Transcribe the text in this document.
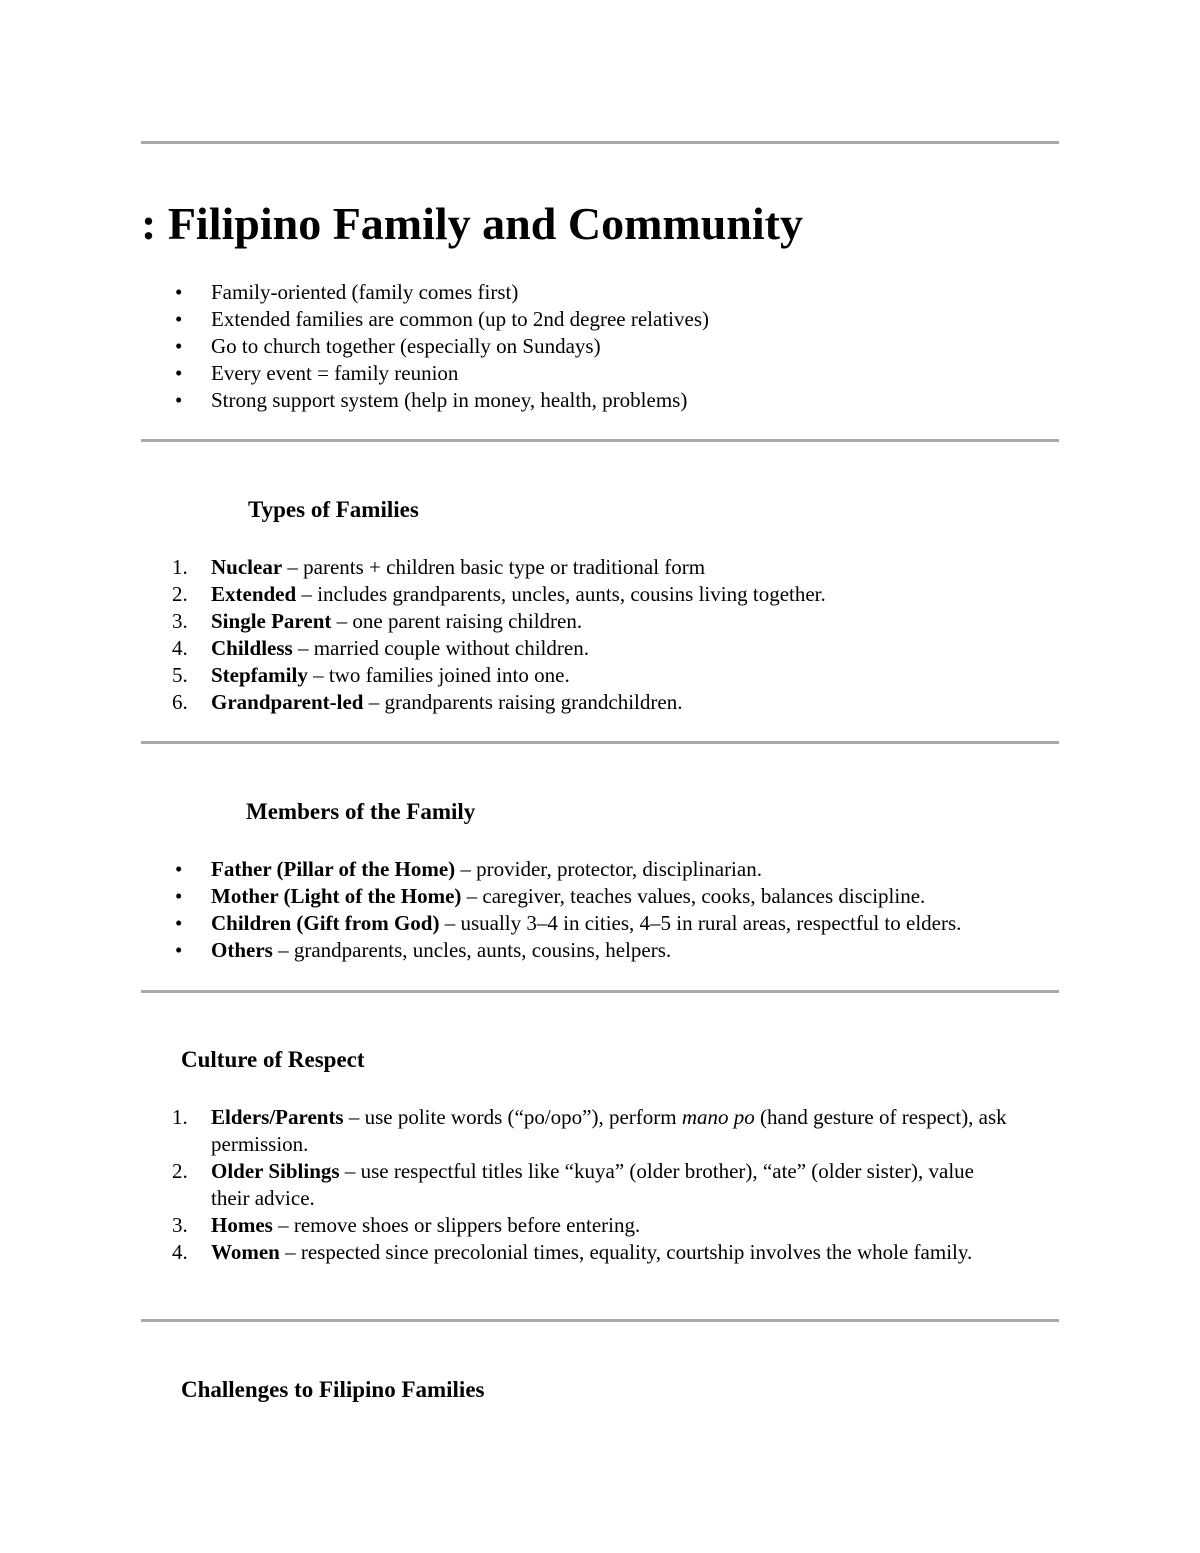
: Filipino Family and Community
• Family-oriented (family comes first)
• Extended families are common (up to 2nd degree relatives)
• Go to church together (especially on Sundays)
• Every event = family reunion
• Strong support system (help in money, health, problems)
Types of Families
1.	Nuclear – parents + children basic type or traditional form
2.	Extended – includes grandparents, uncles, aunts, cousins living together.
3.	Single Parent – one parent raising children.
4.	Childless – married couple without children.
5.	Stepfamily – two families joined into one.
6.	Grandparent-led – grandparents raising grandchildren.
Members of the Family
• Father (Pillar of the Home) – provider, protector, disciplinarian.
• Mother (Light of the Home) – caregiver, teaches values, cooks, balances discipline.
• Children (Gift from God) – usually 3–4 in cities, 4–5 in rural areas, respectful to elders.
• Others – grandparents, uncles, aunts, cousins, helpers.
Culture of Respect
1.	Elders/Parents – use polite words (“po/opo”), perform mano po (hand gesture of respect), ask permission.
2.	Older Siblings – use respectful titles like “kuya” (older brother), “ate” (older sister), value their advice.
3.	Homes – remove shoes or slippers before entering.
4.	Women – respected since precolonial times, equality, courtship involves the whole family.
Challenges to Filipino Families
